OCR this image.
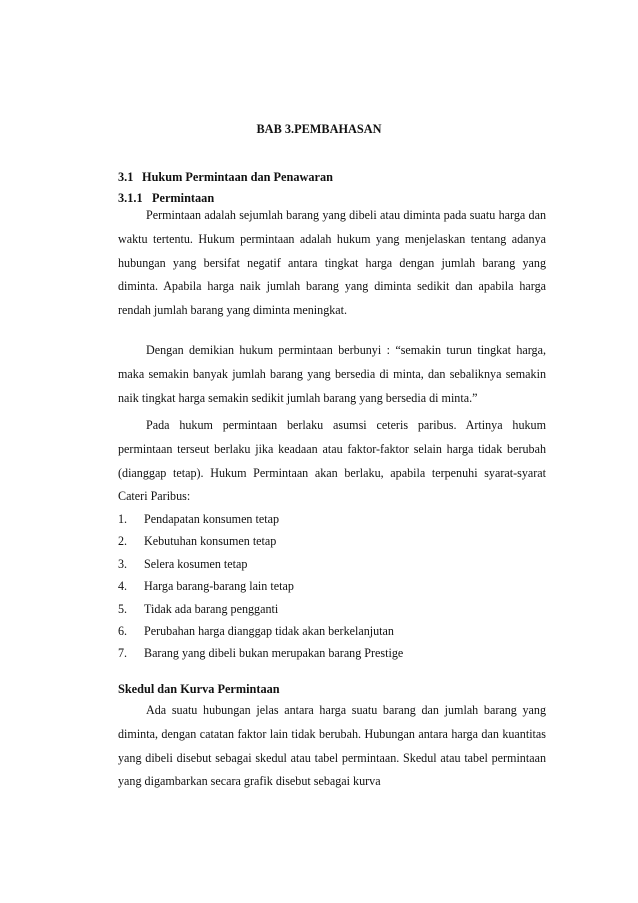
BAB 3.PEMBAHASAN
3.1 Hukum Permintaan dan Penawaran
3.1.1 Permintaan

Permintaan adalah sejumlah barang yang dibeli atau diminta pada suatu harga dan waktu tertentu. Hukum permintaan adalah hukum yang menjelaskan tentang adanya hubungan yang bersifat negatif antara tingkat harga dengan jumlah barang yang diminta. Apabila harga naik jumlah barang yang diminta sedikit dan apabila harga rendah jumlah barang yang diminta meningkat.

Dengan demikian hukum permintaan berbunyi : “semakin turun tingkat harga, maka semakin banyak jumlah barang yang bersedia di minta, dan sebaliknya semakin naik tingkat harga semakin sedikit jumlah barang yang bersedia di minta.”

Pada hukum permintaan berlaku asumsi ceteris paribus. Artinya hukum permintaan terseut berlaku jika keadaan atau faktor-faktor selain harga tidak berubah (dianggap tetap). Hukum Permintaan akan berlaku, apabila terpenuhi syarat-syarat Cateri Paribus:

1. Pendapatan konsumen tetap
2. Kebutuhan konsumen tetap
3. Selera kosumen tetap
4. Harga barang-barang lain tetap
5. Tidak ada barang pengganti
6. Perubahan harga dianggap tidak akan berkelanjutan
7. Barang yang dibeli bukan merupakan barang Prestige
Skedul dan Kurva Permintaan

Ada suatu hubungan jelas antara harga suatu barang dan jumlah barang yang diminta, dengan catatan faktor lain tidak berubah. Hubungan antara harga dan kuantitas yang dibeli disebut sebagai skedul atau tabel permintaan. Skedul atau tabel permintaan yang digambarkan secara grafik disebut sebagai kurva
